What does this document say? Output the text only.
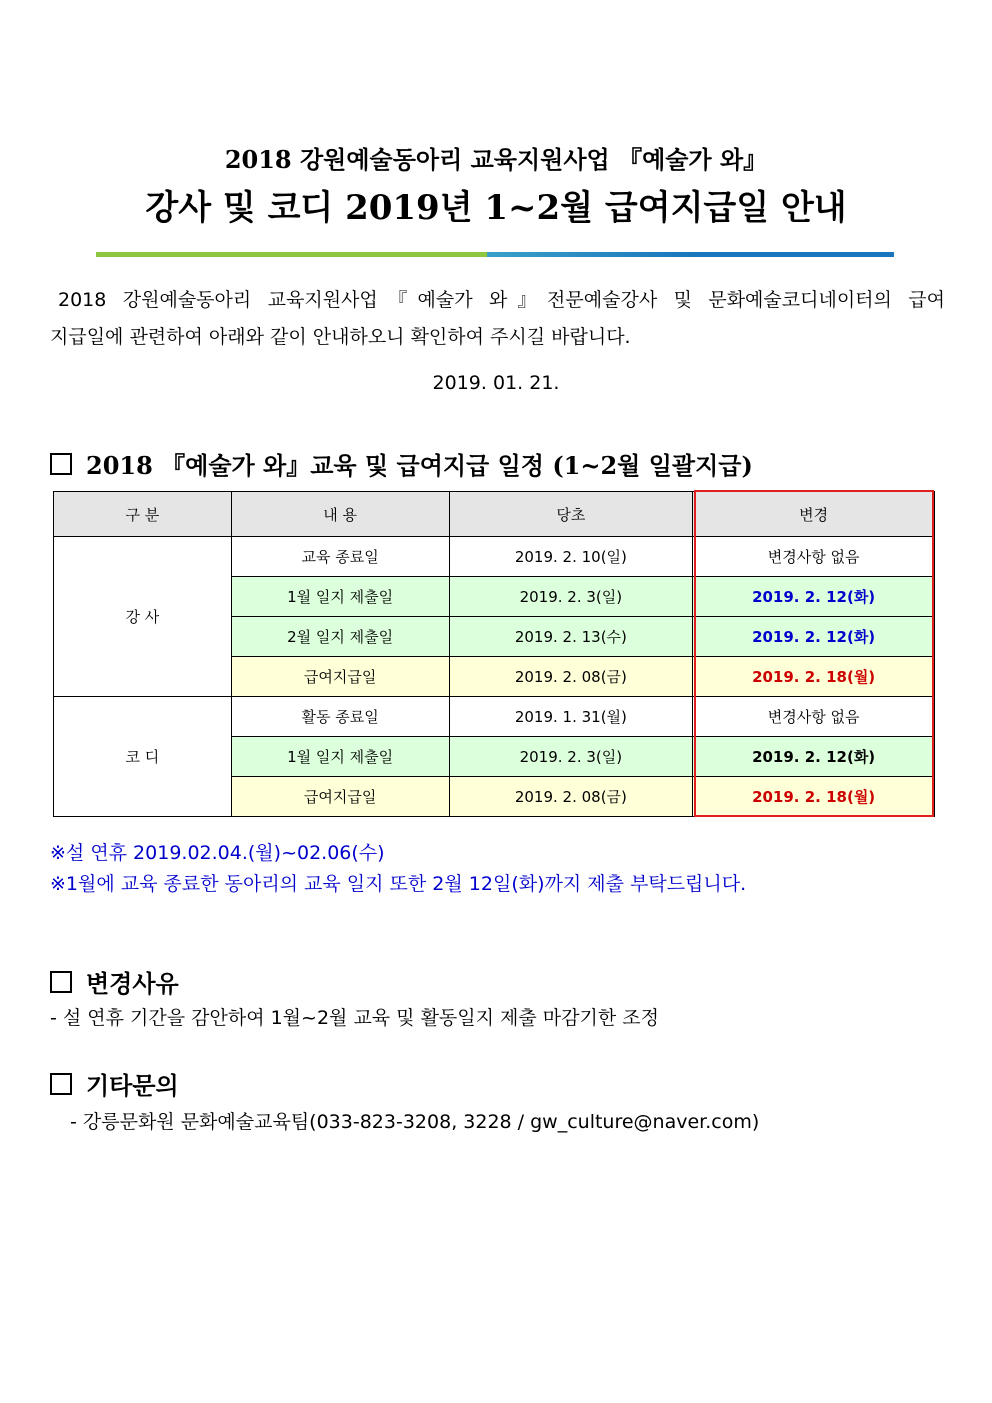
2018 강원예술동아리 교육지원사업 『예술가 와』
강사 및 코디 2019년 1~2월 급여지급일 안내
2018 강원예술동아리 교육지원사업『예술가 와』전문예술강사 및 문화예술코디네이터의 급여
지급일에 관련하여 아래와 같이 안내하오니 확인하여 주시길 바랍니다.
2019. 01. 21.
2018 『예술가 와』교육 및 급여지급 일정 (1~2월 일괄지급)
구 분	내 용	당초	변경
강 사	교육 종료일	2019. 2. 10(일)	변경사항 없음
	1월 일지 제출일	2019. 2. 3(일)	2019. 2. 12(화)
	2월 일지 제출일	2019. 2. 13(수)	2019. 2. 12(화)
	급여지급일	2019. 2. 08(금)	2019. 2. 18(월)
코 디	활동 종료일	2019. 1. 31(월)	변경사항 없음
	1월 일지 제출일	2019. 2. 3(일)	2019. 2. 12(화)
	급여지급일	2019. 2. 08(금)	2019. 2. 18(월)
※설 연휴 2019.02.04.(월)~02.06(수)
※1월에 교육 종료한 동아리의 교육 일지 또한 2월 12일(화)까지 제출 부탁드립니다.
변경사유
- 설 연휴 기간을 감안하여 1월~2월 교육 및 활동일지 제출 마감기한 조정
기타문의
- 강릉문화원 문화예술교육팀(033-823-3208, 3228 / gw_culture@naver.com)
